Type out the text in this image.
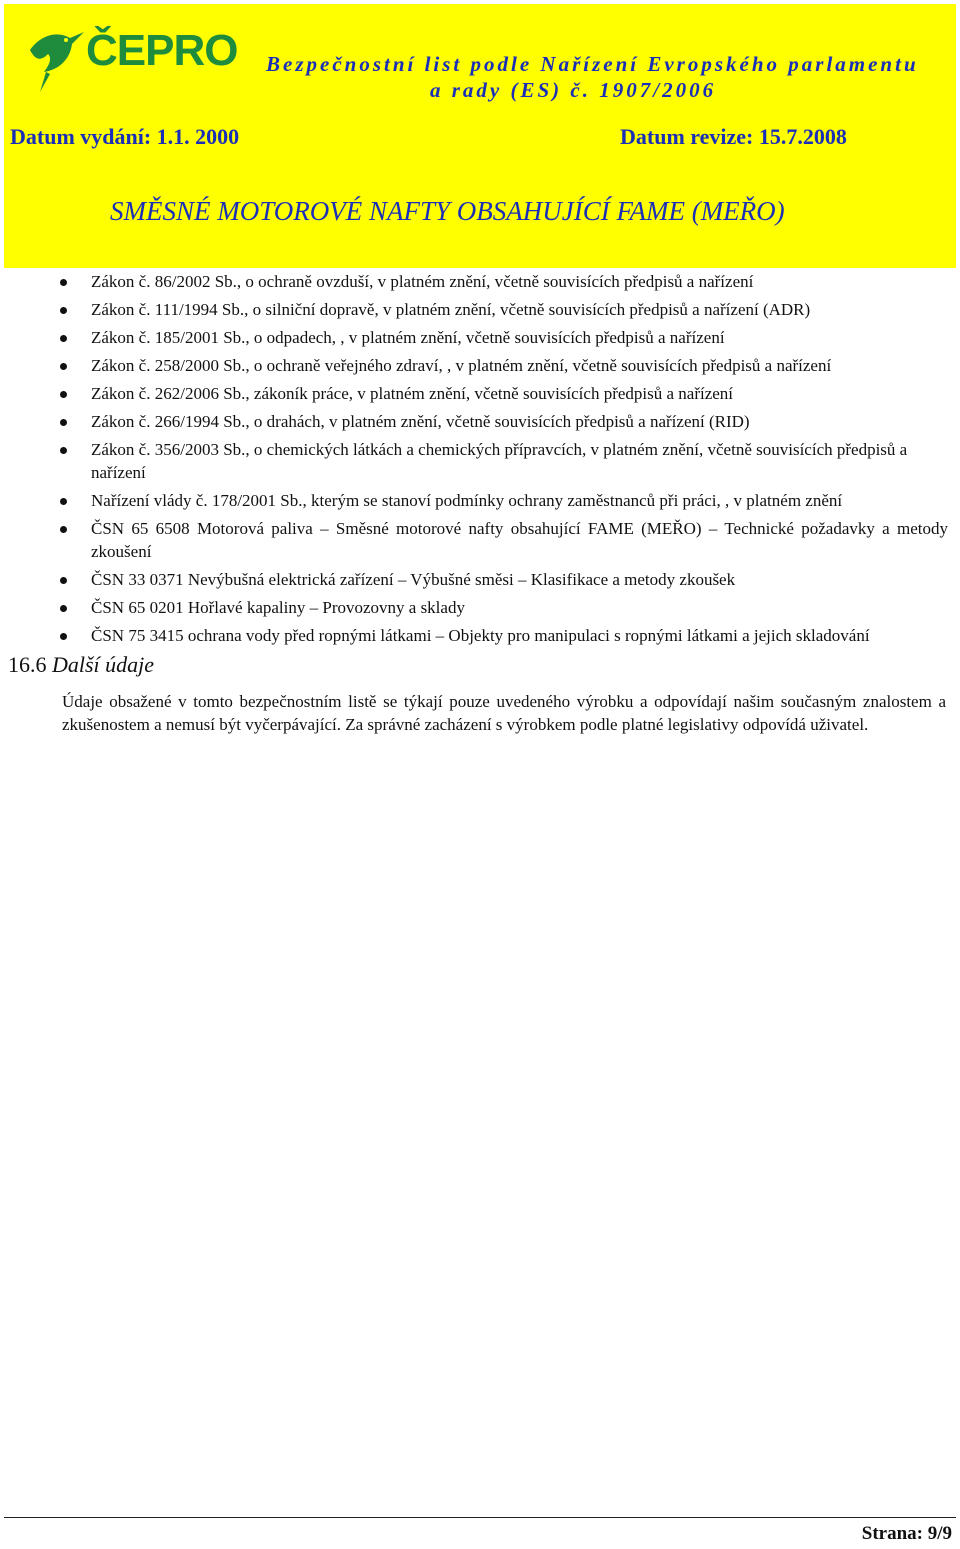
ČEPRO Bezpečnostní list podle Nařízení Evropského parlamentu
a rady (ES) č. 1907/2006
Datum vydání: 1.1. 2000	Datum revize: 15.7.2008
SMĚSNÉ MOTOROVÉ NAFTY OBSAHUJÍCÍ FAME (MEŘO)
Zákon č. 86/2002 Sb., o ochraně ovzduší, v platném znění, včetně souvisících předpisů a nařízení
Zákon č. 111/1994 Sb., o silniční dopravě, v platném znění, včetně souvisících předpisů a nařízení (ADR)
Zákon č. 185/2001 Sb., o odpadech, , v platném znění, včetně souvisících předpisů a nařízení
Zákon č. 258/2000 Sb., o ochraně veřejného zdraví, , v platném znění, včetně souvisících předpisů a nařízení
Zákon č. 262/2006 Sb., zákoník práce, v platném znění, včetně souvisících předpisů a nařízení
Zákon č. 266/1994 Sb., o drahách, v platném znění, včetně souvisících předpisů a nařízení (RID)
Zákon č. 356/2003 Sb., o chemických látkách a chemických přípravcích, v platném znění, včetně souvisících předpisů a nařízení
Nařízení vlády č. 178/2001 Sb., kterým se stanoví podmínky ochrany zaměstnanců při práci, , v platném znění
ČSN 65 6508 Motorová paliva – Směsné motorové nafty obsahující FAME (MEŘO) – Technické požadavky a metody zkoušení
ČSN 33 0371 Nevýbušná elektrická zařízení – Výbušné směsi – Klasifikace a metody zkoušek
ČSN 65 0201 Hořlavé kapaliny – Provozovny a sklady
ČSN 75 3415 ochrana vody před ropnými látkami – Objekty pro manipulaci s ropnými látkami a jejich skladování
16.6 Další údaje
Údaje obsažené v tomto bezpečnostním listě se týkají pouze uvedeného výrobku a odpovídají našim současným znalostem a zkušenostem a nemusí být vyčerpávající. Za správné zacházení s výrobkem podle platné legislativy odpovídá uživatel.
Strana: 9/9
